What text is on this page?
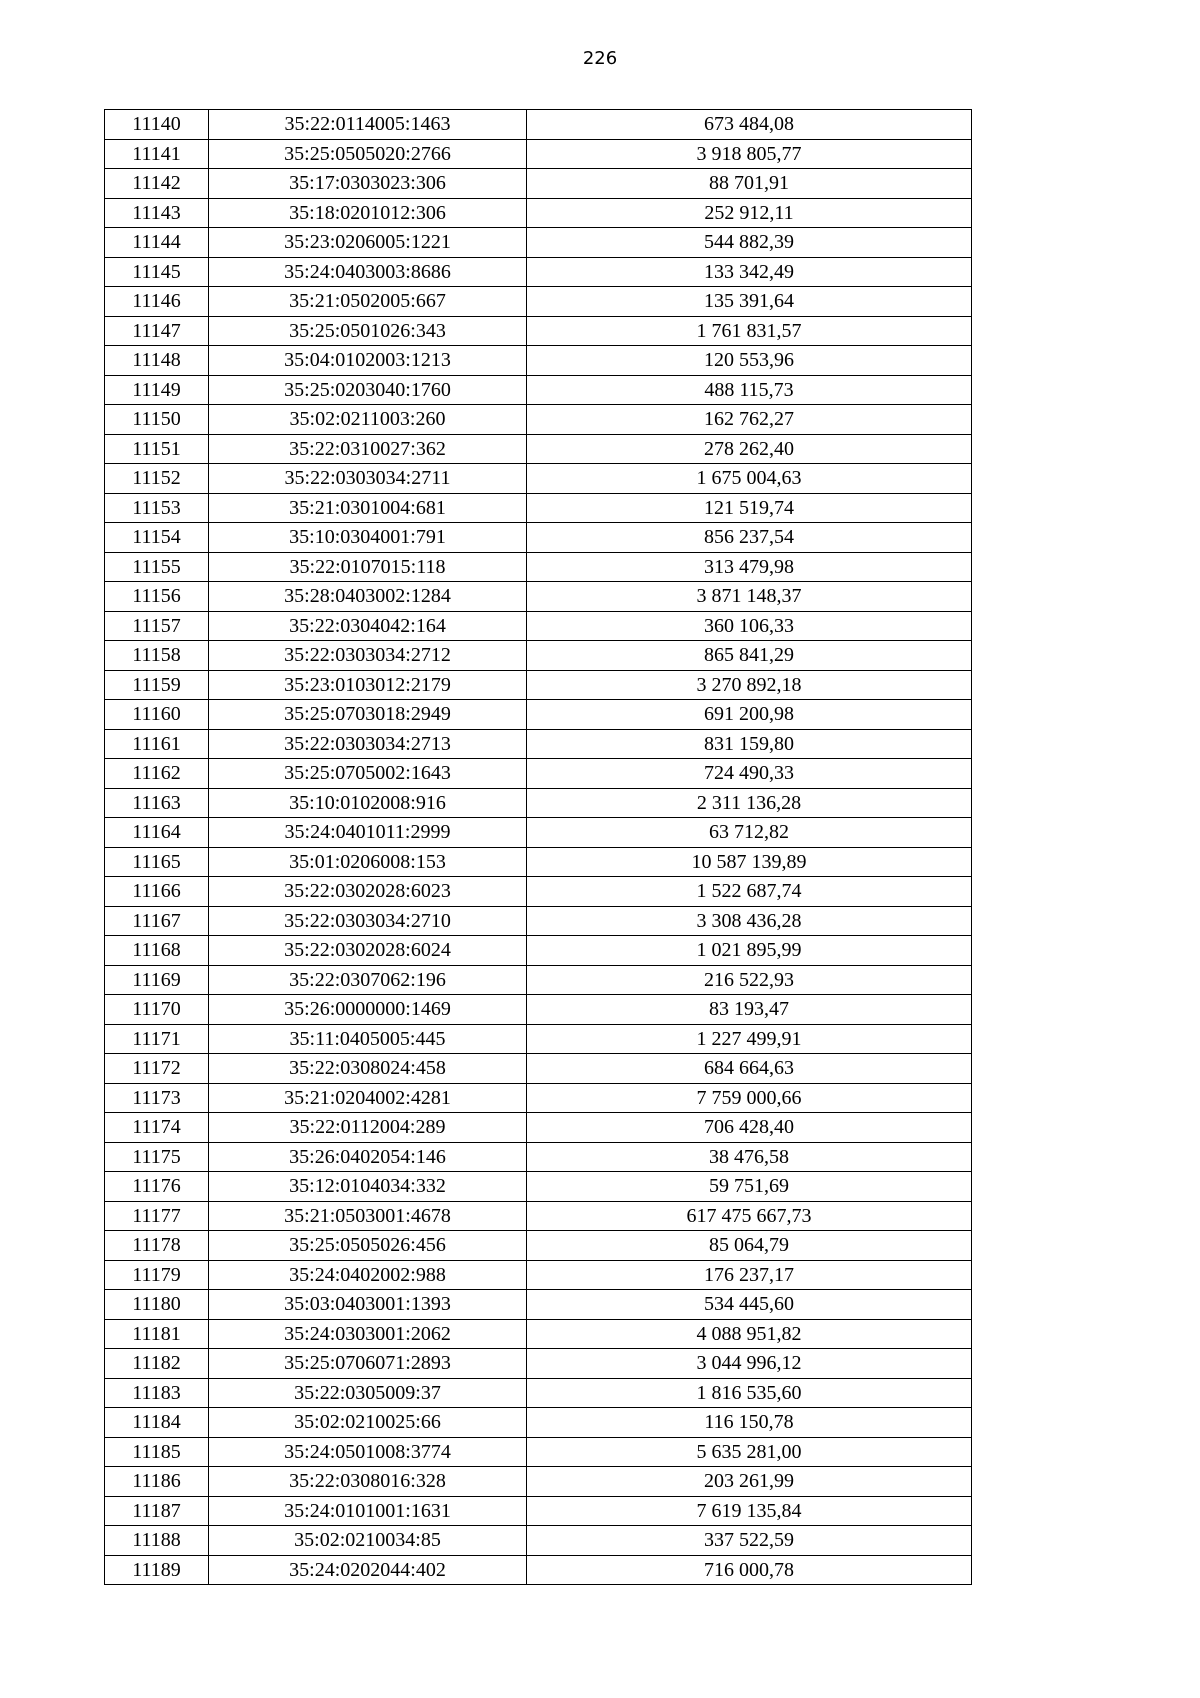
226
11140	35:22:0114005:1463	673 484,08
11141	35:25:0505020:2766	3 918 805,77
11142	35:17:0303023:306	88 701,91
11143	35:18:0201012:306	252 912,11
11144	35:23:0206005:1221	544 882,39
11145	35:24:0403003:8686	133 342,49
11146	35:21:0502005:667	135 391,64
11147	35:25:0501026:343	1 761 831,57
11148	35:04:0102003:1213	120 553,96
11149	35:25:0203040:1760	488 115,73
11150	35:02:0211003:260	162 762,27
11151	35:22:0310027:362	278 262,40
11152	35:22:0303034:2711	1 675 004,63
11153	35:21:0301004:681	121 519,74
11154	35:10:0304001:791	856 237,54
11155	35:22:0107015:118	313 479,98
11156	35:28:0403002:1284	3 871 148,37
11157	35:22:0304042:164	360 106,33
11158	35:22:0303034:2712	865 841,29
11159	35:23:0103012:2179	3 270 892,18
11160	35:25:0703018:2949	691 200,98
11161	35:22:0303034:2713	831 159,80
11162	35:25:0705002:1643	724 490,33
11163	35:10:0102008:916	2 311 136,28
11164	35:24:0401011:2999	63 712,82
11165	35:01:0206008:153	10 587 139,89
11166	35:22:0302028:6023	1 522 687,74
11167	35:22:0303034:2710	3 308 436,28
11168	35:22:0302028:6024	1 021 895,99
11169	35:22:0307062:196	216 522,93
11170	35:26:0000000:1469	83 193,47
11171	35:11:0405005:445	1 227 499,91
11172	35:22:0308024:458	684 664,63
11173	35:21:0204002:4281	7 759 000,66
11174	35:22:0112004:289	706 428,40
11175	35:26:0402054:146	38 476,58
11176	35:12:0104034:332	59 751,69
11177	35:21:0503001:4678	617 475 667,73
11178	35:25:0505026:456	85 064,79
11179	35:24:0402002:988	176 237,17
11180	35:03:0403001:1393	534 445,60
11181	35:24:0303001:2062	4 088 951,82
11182	35:25:0706071:2893	3 044 996,12
11183	35:22:0305009:37	1 816 535,60
11184	35:02:0210025:66	116 150,78
11185	35:24:0501008:3774	5 635 281,00
11186	35:22:0308016:328	203 261,99
11187	35:24:0101001:1631	7 619 135,84
11188	35:02:0210034:85	337 522,59
11189	35:24:0202044:402	716 000,78
